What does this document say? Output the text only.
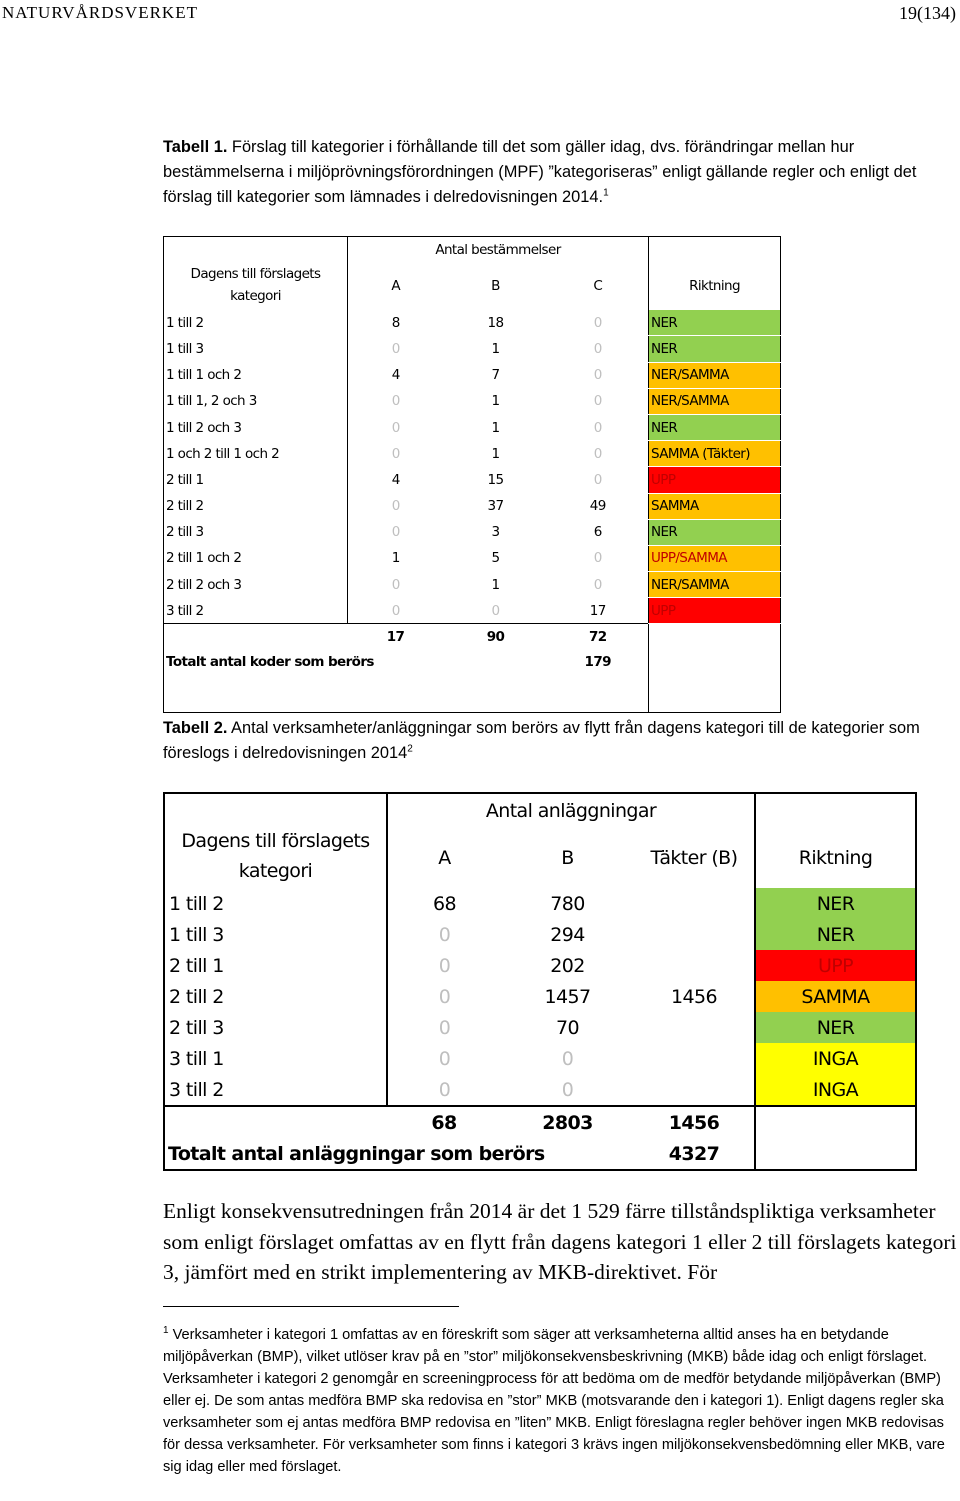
NATURVÅRDSVERKET	19(134)
Tabell 1. Förslag till kategorier i förhållande till det som gäller idag, dvs. förändringar mellan hur bestämmelserna i miljöprövningsförordningen (MPF) ”kategoriseras” enligt gällande regler och enligt det förslag till kategorier som lämnades i delredovisningen 2014.$^1$
Dagens till förslagets kategori	Antal bestämmelser			
	A	B	C	Riktning
1 till 2	8	18	0	NER
1 till 3	0	1	0	NER
1 till 1 och 2	4	7	0	NER/SAMMA
1 till 1, 2 och 3	0	1	0	NER/SAMMA
1 till 2 och 3	0	1	0	NER
1 och 2 till 1 och 2	0	1	0	SAMMA (Täkter)
2 till 1	4	15	0	UPP
2 till 2	0	37	49	SAMMA
2 till 3	0	3	6	NER
2 till 1 och 2	1	5	0	UPP/SAMMA
2 till 2 och 3	0	1	0	NER/SAMMA
3 till 2	0	0	17	UPP
	17	90	72	
Totalt antal koder som berörs			179	

Tabell 2. Antal verksamheter/anläggningar som berörs av flytt från dagens kategori till de kategorier som föreslogs i delredovisningen 2014$^2$
Dagens till förslagets kategori	Antal anläggningar			
	A	B	Täkter (B)	Riktning
1 till 2	68	780		NER
1 till 3	0	294		NER
2 till 1	0	202		UPP
2 till 2	0	1457	1456	SAMMA
2 till 3	0	70		NER
3 till 1	0	0		INGA
3 till 2	0	0		INGA
	68	2803	1456	
Totalt antal anläggningar som berörs			4327	
Enligt konsekvensutredningen från 2014 är det 1 529 färre tillståndspliktiga verksamheter som enligt förslaget omfattas av en flytt från dagens kategori 1 eller 2 till förslagets kategori 3, jämfört med en strikt implementering av MKB-direktivet. För
$^1$ Verksamheter i kategori 1 omfattas av en föreskrift som säger att verksamheterna alltid anses ha en betydande miljöpåverkan (BMP), vilket utlöser krav på en ”stor” miljökonsekvensbeskrivning (MKB) både idag och enligt förslaget. Verksamheter i kategori 2 genomgår en screeningprocess för att bedöma om de medför betydande miljöpåverkan (BMP) eller ej. De som antas medföra BMP ska redovisa en ”stor” MKB (motsvarande den i kategori 1). Enligt dagens regler ska verksamheter som ej antas medföra BMP redovisa en ”liten” MKB. Enligt föreslagna regler behöver ingen MKB redovisas för dessa verksamheter. För verksamheter som finns i kategori 3 krävs ingen miljökonsekvensbedömning eller MKB, vare sig idag eller med förslaget.
